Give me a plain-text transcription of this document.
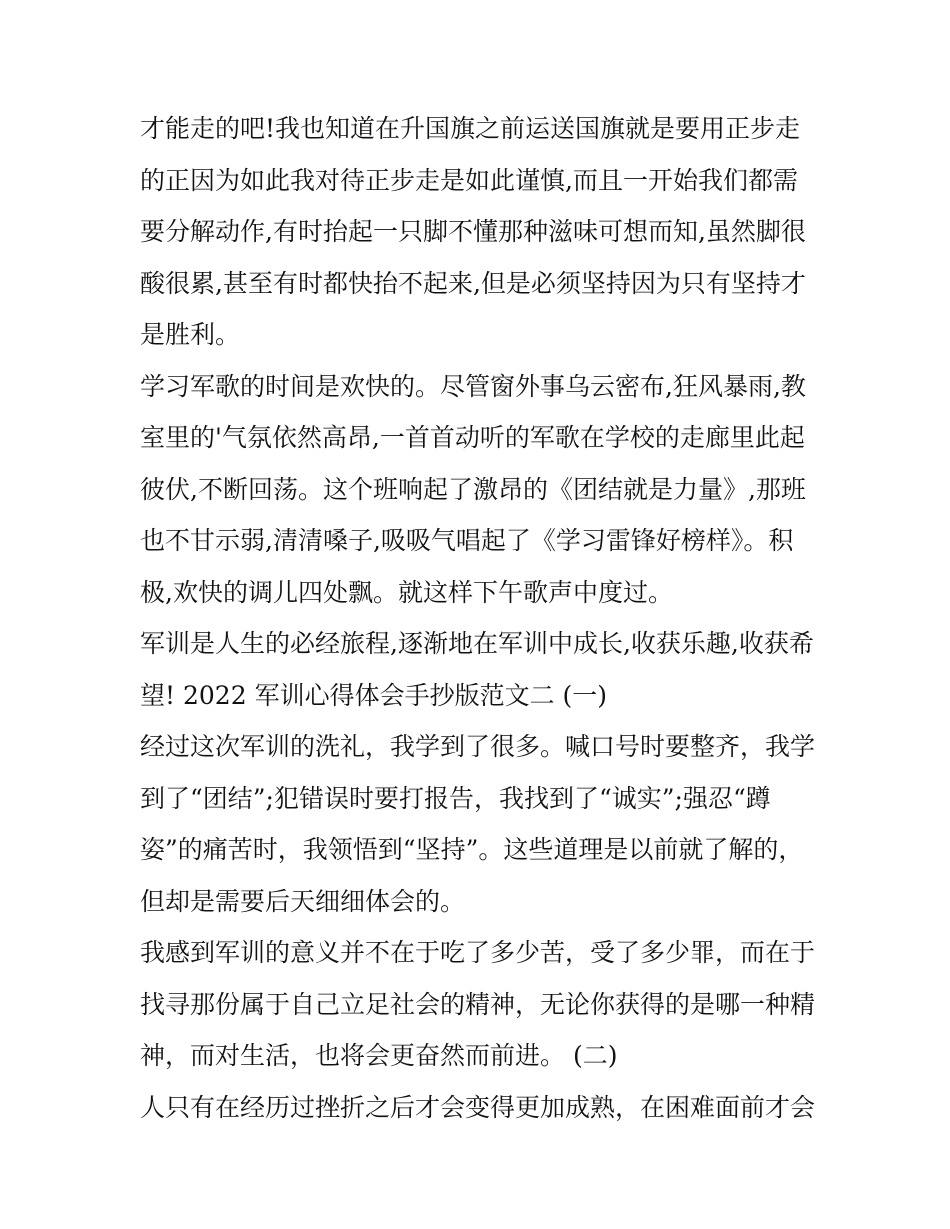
才能走的吧!我也知道在升国旗之前运送国旗就是要用正步走

的正因为如此我对待正步走是如此谨慎,而且一开始我们都需

要分解动作,有时抬起一只脚不懂那种滋味可想而知,虽然脚很

酸很累,甚至有时都快抬不起来,但是必须坚持因为只有坚持才

是胜利。

学习军歌的时间是欢快的。尽管窗外事乌云密布,狂风暴雨,教

室里的'气氛依然高昂,一首首动听的军歌在学校的走廊里此起

彼伏,不断回荡。这个班响起了激昂的《团结就是力量》,那班

也不甘示弱,清清嗓子,吸吸气唱起了《学习雷锋好榜样》。积

极,欢快的调儿四处飘。就这样下午歌声中度过。

军训是人生的必经旅程,逐渐地在军训中成长,收获乐趣,收获希

望! 2022 军训心得体会手抄版范文二 (一)

经过这次军训的洗礼，我学到了很多。喊口号时要整齐，我学

到了“团结”;犯错误时要打报告，我找到了“诚实”;强忍“蹲

姿”的痛苦时，我领悟到“坚持”。这些道理是以前就了解的，

但却是需要后天细细体会的。

我感到军训的意义并不在于吃了多少苦，受了多少罪，而在于

找寻那份属于自己立足社会的精神，无论你获得的是哪一种精

神，而对生活，也将会更奋然而前进。 (二)

人只有在经历过挫折之后才会变得更加成熟，在困难面前才会
